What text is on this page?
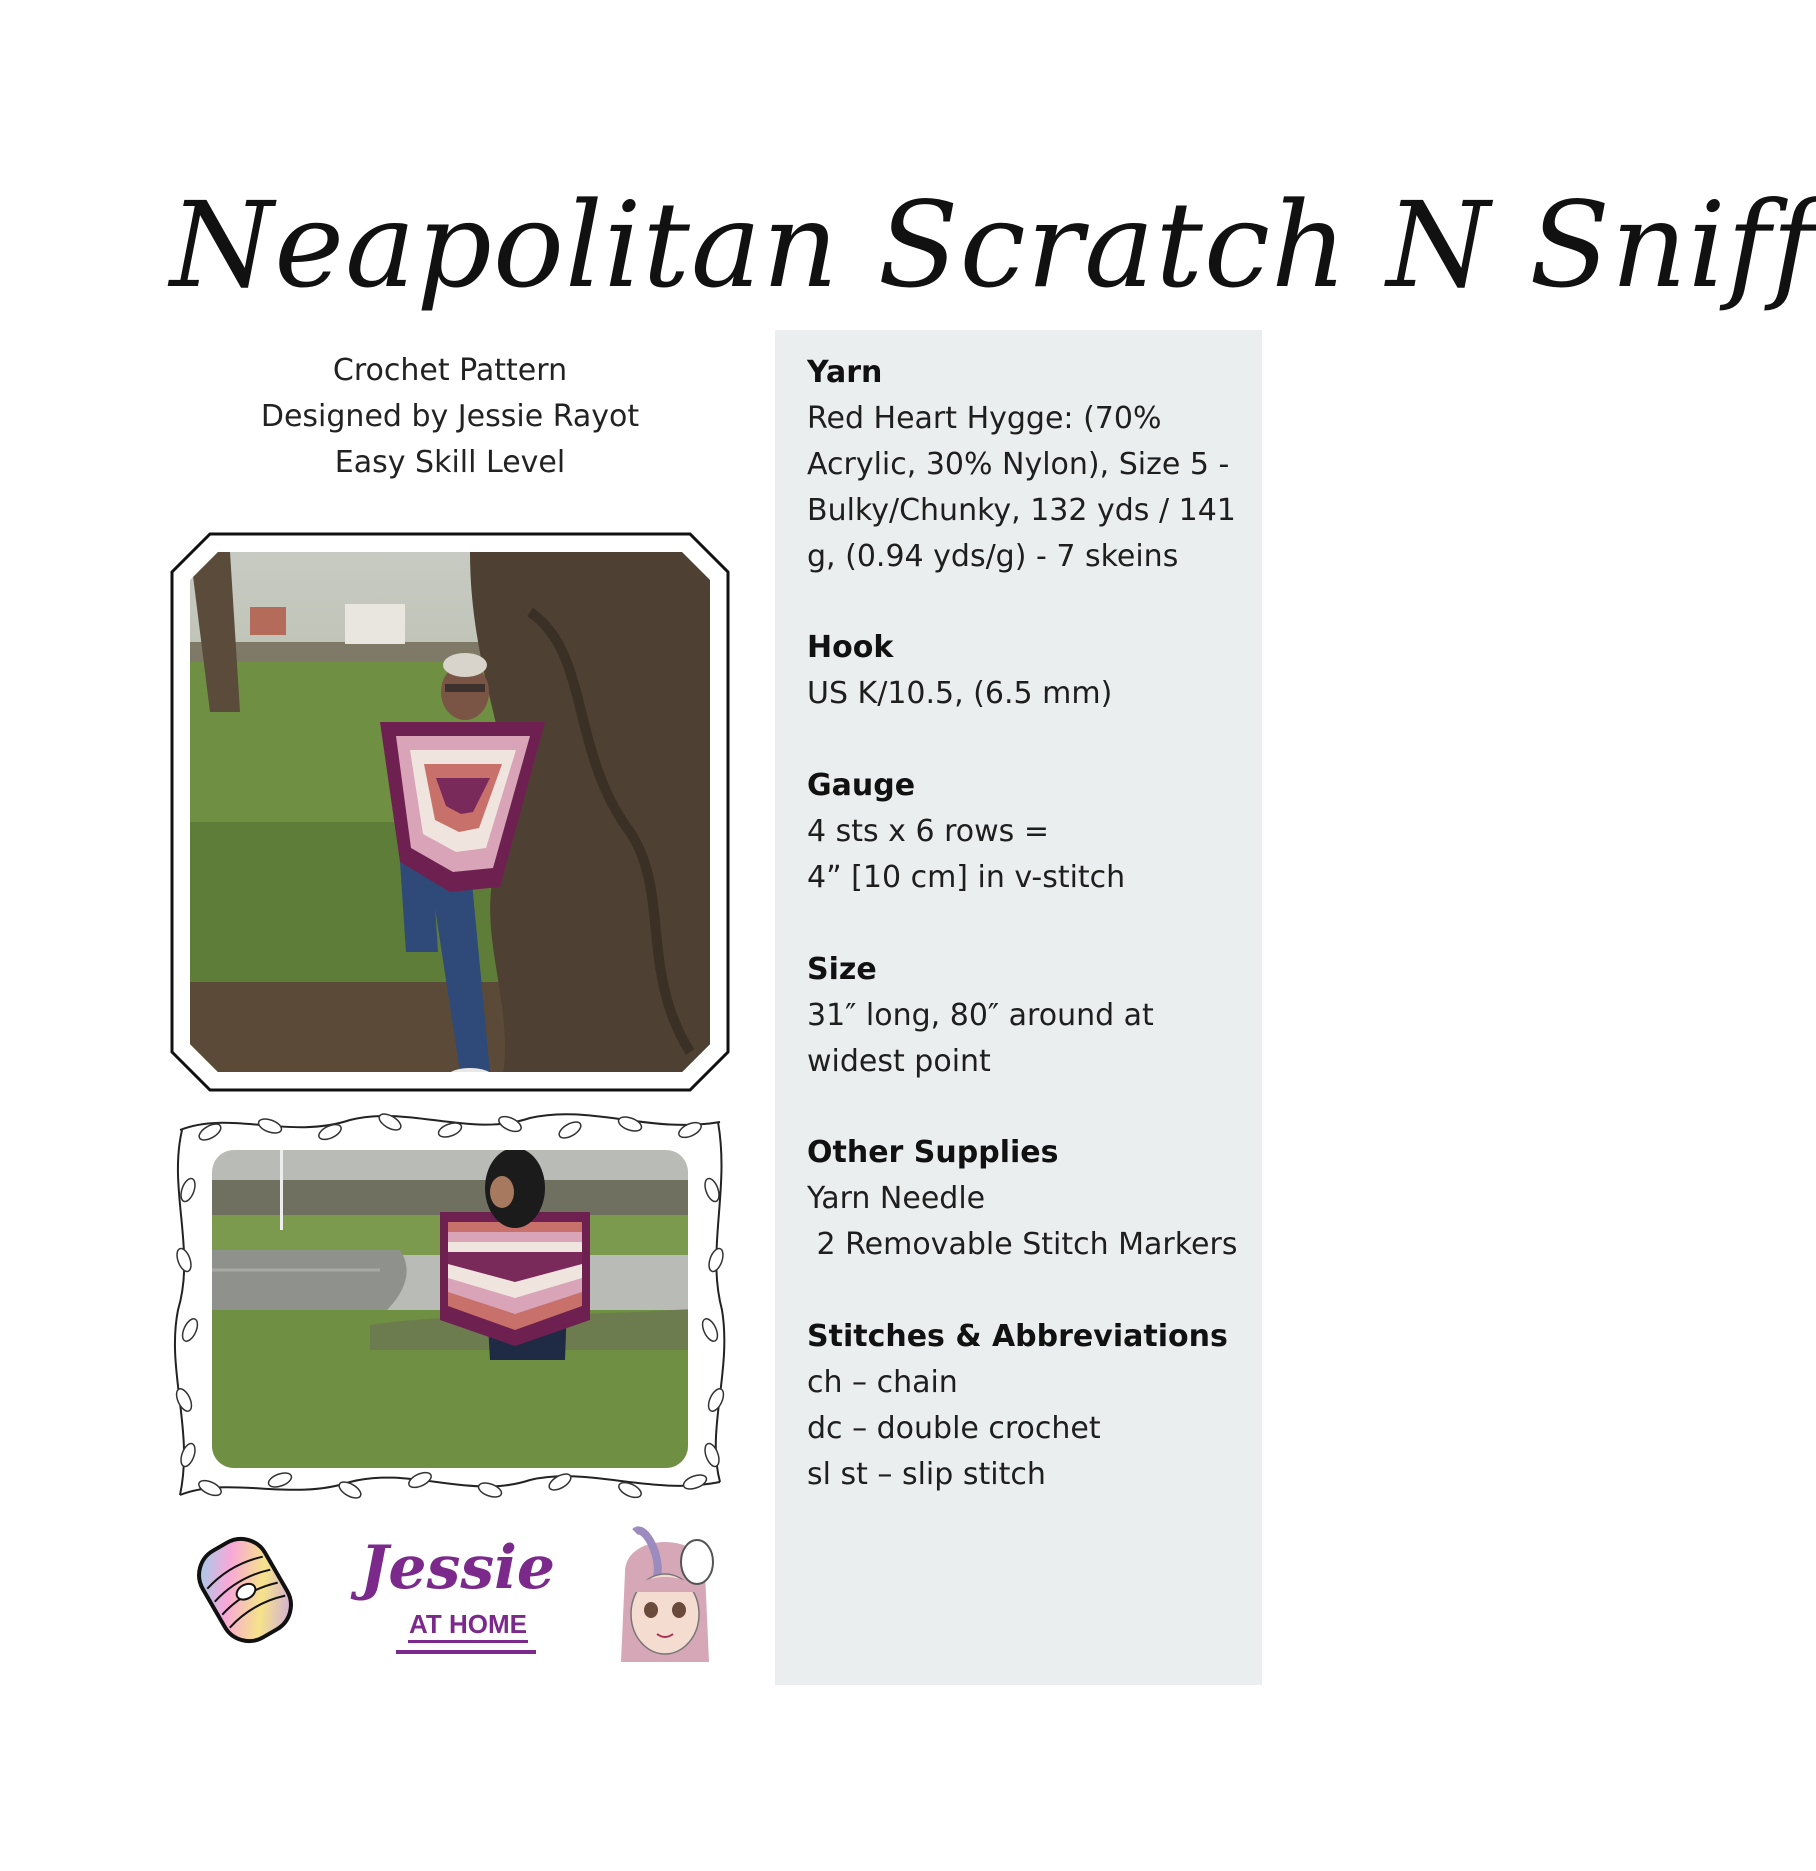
Neapolitan Scratch N Sniff
Crochet Pattern
Designed by Jessie Rayot
Easy Skill Level
Yarn
Red Heart Hygge: (70%
Acrylic, 30% Nylon), Size 5 -
Bulky/Chunky, 132 yds / 141
g, (0.94 yds/g) - 7 skeins
Hook
US K/10.5, (6.5 mm)
Gauge
4 sts x 6 rows =
4” [10 cm] in v-stitch
Size
31″ long, 80″ around at
widest point
Other Supplies
Yarn Needle
2 Removable Stitch Markers
Stitches & Abbreviations
ch – chain
dc – double crochet
sl st – slip stitch
Jessie
AT HOME
